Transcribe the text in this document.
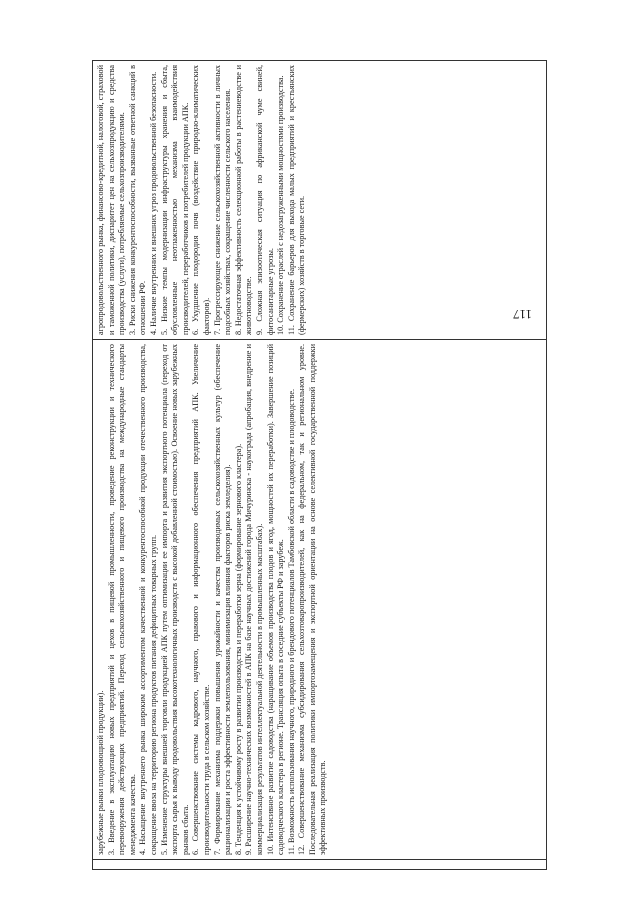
зарубежные рынки плодоовощной продукции). 3. Введение в эксплуатацию новых предприятий и цехов в пищевой промышленности, проведение реконструкции и технического перевооружения действующих предприятий. Переход сельскохозяйственного и пищевого производства на международные стандарты менеджмента качества. 4. Насыщение внутреннего рынка широким ассортиментом качественной и конкурентоспособной продукции отечественного производства, сокращение ввоза на территорию региона продуктов питания дефицитных товарных групп. 5. Изменение структуры внешней торговли продукцией АПК путем оптимизации ее импорта и развития экспортного потенциала (переход от экспорта сырья к выводу продовольствия высокотехнологичных производств с высокой добавленной стоимостью). Освоение новых зарубежных рынков сбыта. 6. Совершенствование системы кадрового, научного, правового и информационного обеспечения предприятий АПК. Увеличение производительности труда в сельском хозяйстве. 7. Формирование механизма поддержки повышения урожайности и качества производимых сельскохозяйственных культур (обеспечение рационализации и роста эффективности землепользования, минимизация влияния факторов риска земледелия). 8. Тенденция к устойчивому росту в развитии производства и переработки зерна (формирование зернового кластера). 9. Расширение научно-технических возможностей в АПК на базе научных достижений города Мичуринска - наукограда (апробация, внедрение и коммерциализация результатов интеллектуальной деятельности в промышленных масштабах). 10. Интенсивное развитие садоводства (наращивание объемов производства плодов и ягод, мощностей их переработки). Завершение позиций садоводческого кластера в регионе. Трансляция опыта в соседние субъекты РФ и зарубеж. 11. Возможность использования научного, природного и брендового потенциалов Тамбовской области в садоводстве и плодоводстве. 12. Совершенствование механизма субсидирования сельхозтоваропроизводителей, как на федеральном, так и региональном уровне. Последовательная реализация политики импортозамещения и экспортной ориентации на основе селективной государственной поддержки эффективных производств.

агропродовольственного рынка, финансово-кредитной, налоговой, страховой и таможенной политики, диспаритет цен на сельхозпродукцию и средства производства (услуги), потребляемые сельхозпроизводителями. 3. Риски снижения конкурентоспособности, вызванные ответной санкций в отношении РФ. 4. Наличие внутренних и внешних угроз продовольственной безопасности. 5. Низкие темпы модернизации инфраструктуры хранения и сбыта, обусловленные неотлаженностью механизма взаимодействия производителей, переработчиков и потребителей продукции АПК. 6. Ухудшение плодородия почв (воздействие природно-климатических факторов). 7. Прогрессирующее снижение сельскохозяйственной активности в личных подсобных хозяйствах, сокращение численности сельского населения. 8. Недостаточная эффективность селекционной работы в растениеводстве и животноводстве. 9. Сложная эпизоотическая ситуация по африканской чуме свиней, фитосанитарные угрозы. 10. Сохранение отраслей с недозагруженными мощностями производства. 11. Сохранение барьеров для выхода малых предприятий и крестьянских (фермерских) хозяйств в торговые сети.	117
